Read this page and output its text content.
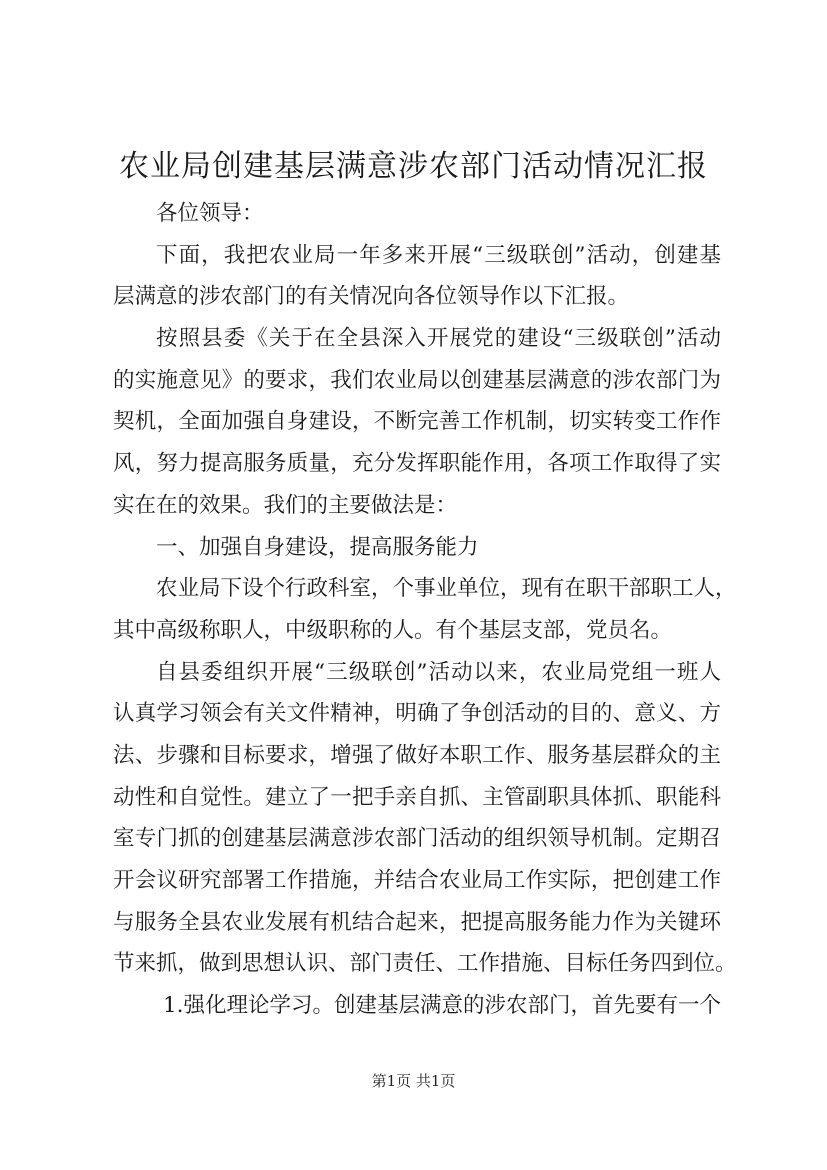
农业局创建基层满意涉农部门活动情况汇报
各位领导：
下面，我把农业局一年多来开展“三级联创”活动，创建基
层满意的涉农部门的有关情况向各位领导作以下汇报。
按照县委《关于在全县深入开展党的建设“三级联创”活动
的实施意见》的要求，我们农业局以创建基层满意的涉农部门为
契机，全面加强自身建设，不断完善工作机制，切实转变工作作
风，努力提高服务质量，充分发挥职能作用，各项工作取得了实
实在在的效果。我们的主要做法是：
一、加强自身建设，提高服务能力
农业局下设个行政科室，个事业单位，现有在职干部职工人，
其中高级称职人，中级职称的人。有个基层支部，党员名。
自县委组织开展“三级联创”活动以来，农业局党组一班人
认真学习领会有关文件精神，明确了争创活动的目的、意义、方
法、步骤和目标要求，增强了做好本职工作、服务基层群众的主
动性和自觉性。建立了一把手亲自抓、主管副职具体抓、职能科
室专门抓的创建基层满意涉农部门活动的组织领导机制。定期召
开会议研究部署工作措施，并结合农业局工作实际，把创建工作
与服务全县农业发展有机结合起来，把提高服务能力作为关键环
节来抓，做到思想认识、部门责任、工作措施、目标任务四到位。
1.强化理论学习。创建基层满意的涉农部门，首先要有一个
第1页 共1页
